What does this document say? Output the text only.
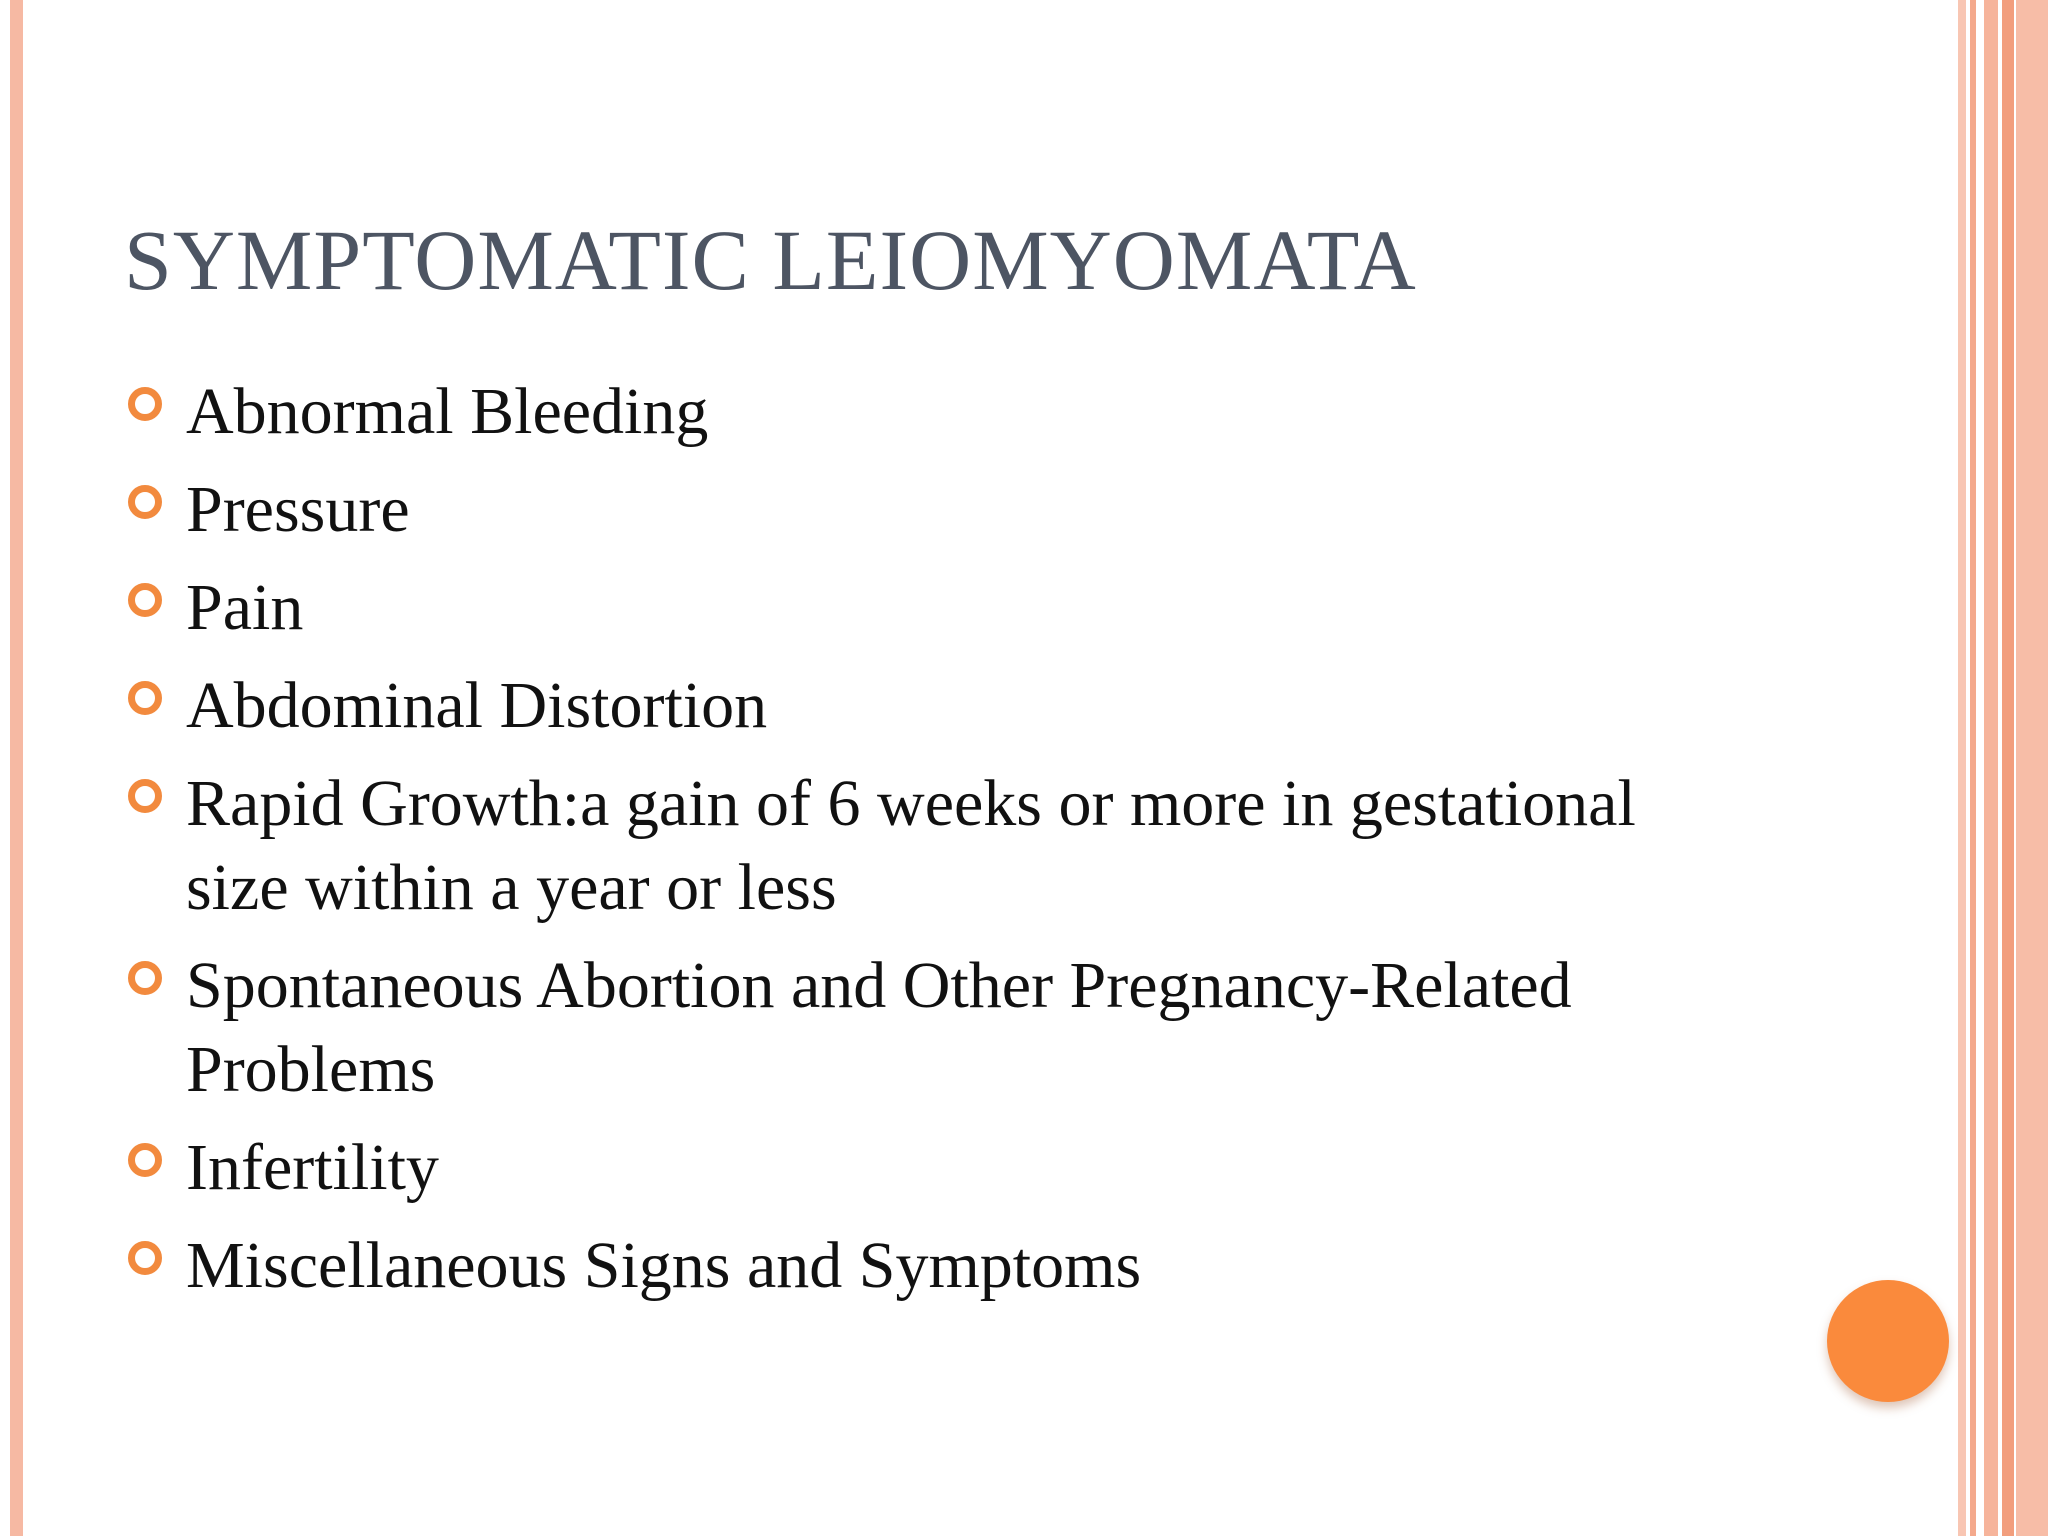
SYMPTOMATIC LEIOMYOMATA
Abnormal Bleeding
Pressure
Pain
Abdominal Distortion
Rapid Growth:a gain of 6 weeks or more in gestational size within a year or less
Spontaneous Abortion and Other Pregnancy-Related Problems
Infertility
Miscellaneous Signs and Symptoms
